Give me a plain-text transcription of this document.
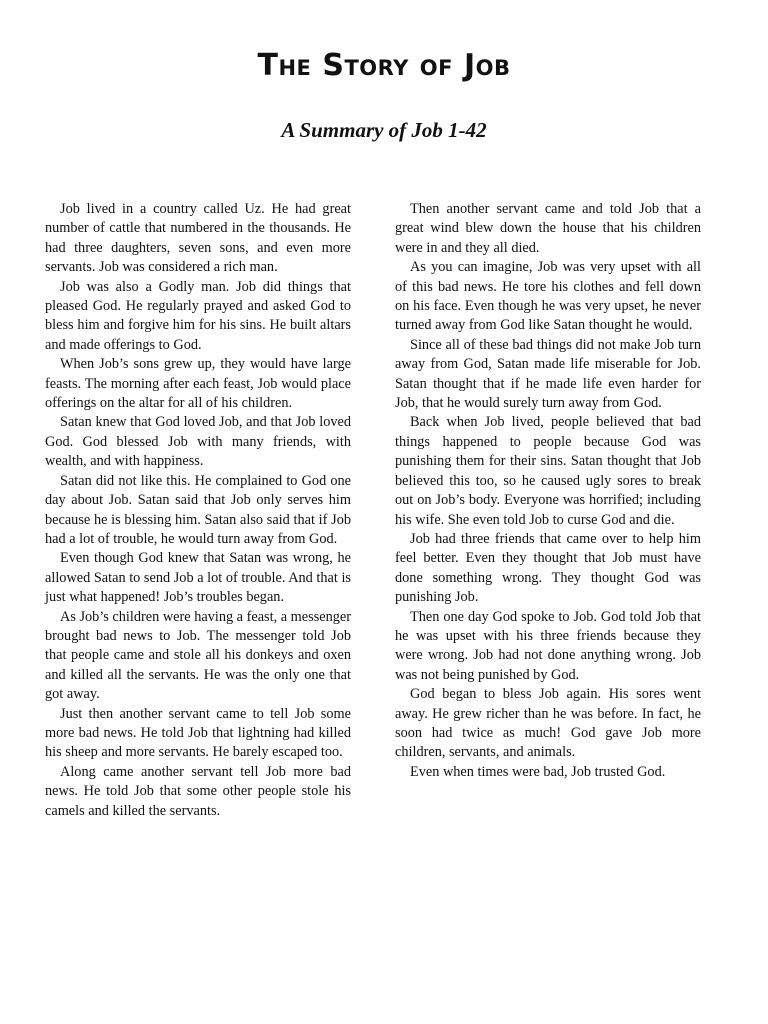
The Story of Job
A Summary of Job 1-42

Job lived in a country called Uz. He had great number of cattle that numbered in the thousands. He had three daughters, seven sons, and even more servants. Job was considered a rich man.

Job was also a Godly man. Job did things that pleased God. He regularly prayed and asked God to bless him and forgive him for his sins. He built altars and made offerings to God.

When Job’s sons grew up, they would have large feasts. The morning after each feast, Job would place offerings on the altar for all of his children.

Satan knew that God loved Job, and that Job loved God. God blessed Job with many friends, with wealth, and with happiness.

Satan did not like this. He complained to God one day about Job. Satan said that Job only serves him because he is blessing him. Satan also said that if Job had a lot of trouble, he would turn away from God.

Even though God knew that Satan was wrong, he allowed Satan to send Job a lot of trouble. And that is just what happened! Job’s troubles began.

As Job’s children were having a feast, a messenger brought bad news to Job. The messenger told Job that people came and stole all his donkeys and oxen and killed all the servants. He was the only one that got away.

Just then another servant came to tell Job some more bad news. He told Job that lightning had killed his sheep and more servants. He barely escaped too.

Along came another servant tell Job more bad news. He told Job that some other people stole his camels and killed the servants.

Then another servant came and told Job that a great wind blew down the house that his children were in and they all died.

As you can imagine, Job was very upset with all of this bad news. He tore his clothes and fell down on his face. Even though he was very upset, he never turned away from God like Satan thought he would.

Since all of these bad things did not make Job turn away from God, Satan made life miserable for Job. Satan thought that if he made life even harder for Job, that he would surely turn away from God.

Back when Job lived, people believed that bad things happened to people because God was punishing them for their sins. Satan thought that Job believed this too, so he caused ugly sores to break out on Job’s body. Everyone was horrified; including his wife. She even told Job to curse God and die.

Job had three friends that came over to help him feel better. Even they thought that Job must have done something wrong. They thought God was punishing Job.

Then one day God spoke to Job. God told Job that he was upset with his three friends because they were wrong. Job had not done anything wrong. Job was not being punished by God.

God began to bless Job again. His sores went away. He grew richer than he was before. In fact, he soon had twice as much! God gave Job more children, servants, and animals.

Even when times were bad, Job trusted God.
